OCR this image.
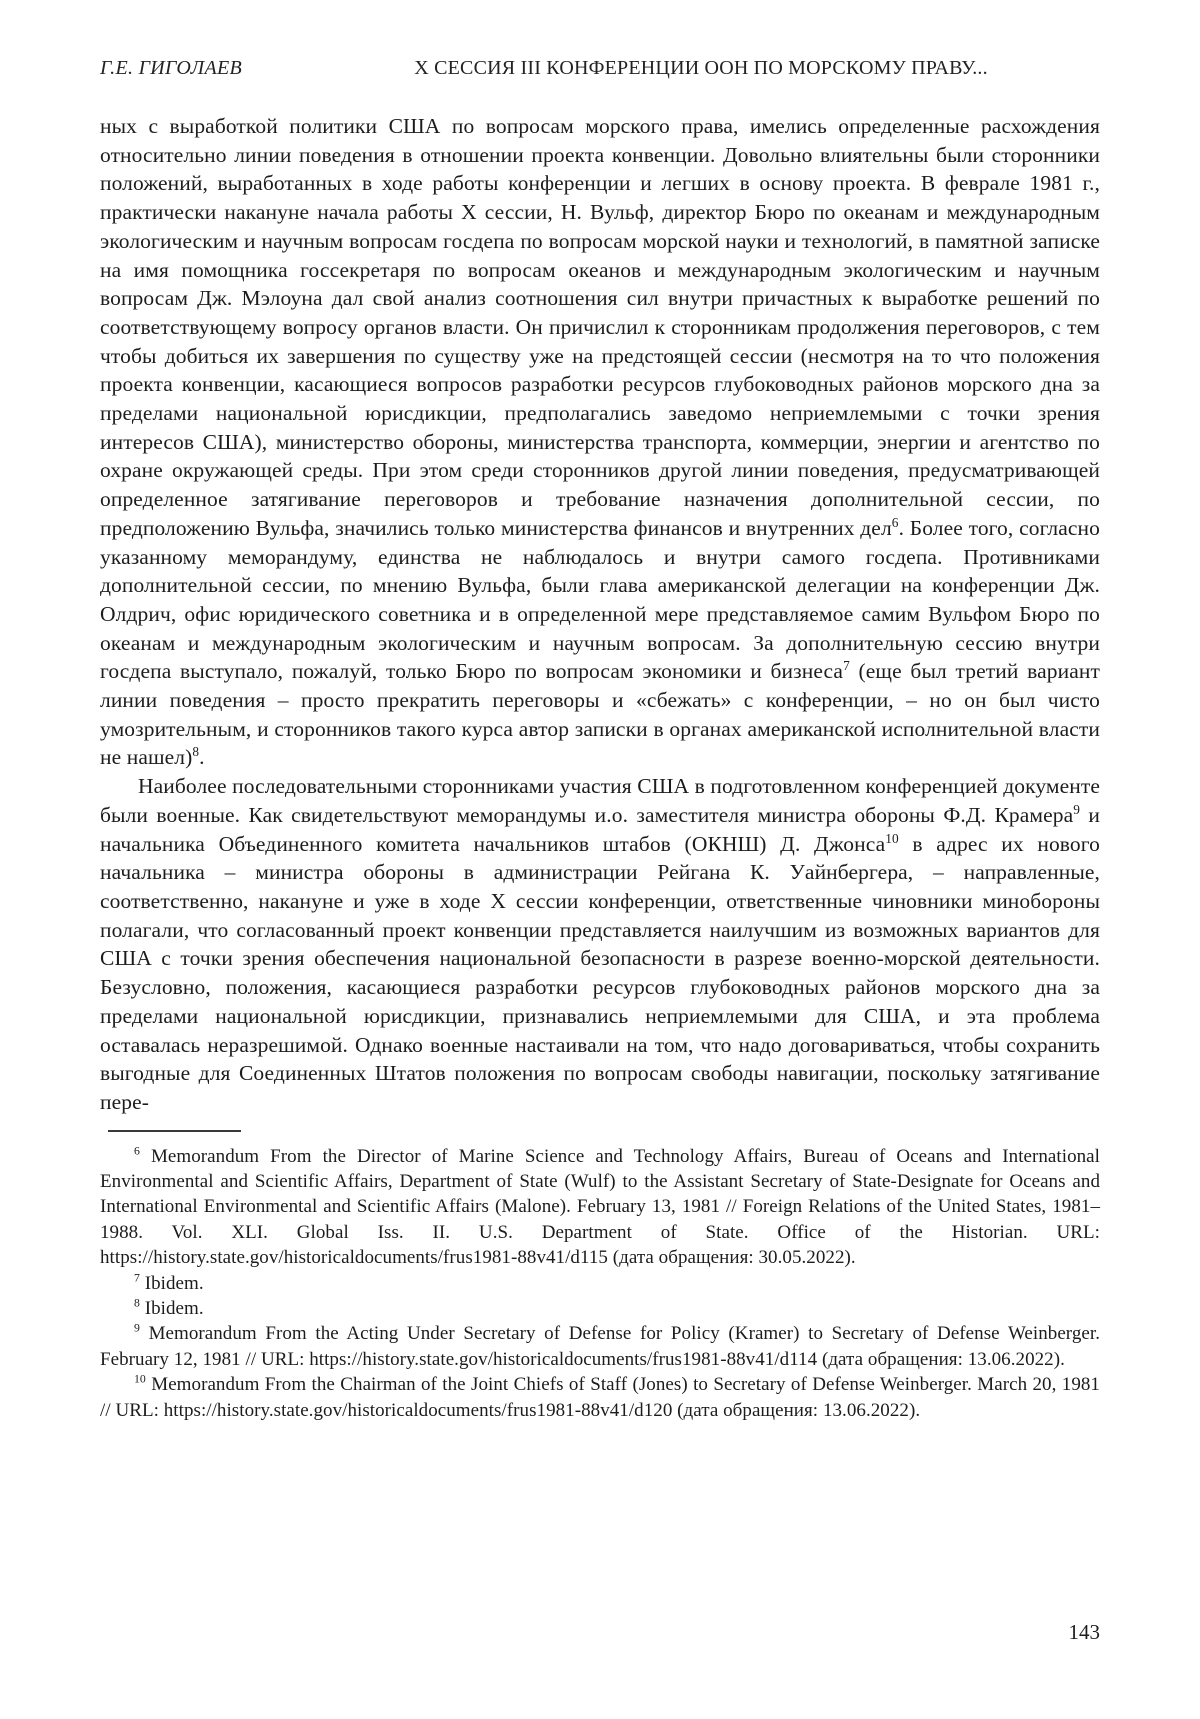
Г.Е. ГИГОЛАЕВ	Х СЕССИЯ III КОНФЕРЕНЦИИ ООН ПО МОРСКОМУ ПРАВУ...

ных с выработкой политики США по вопросам морского права, имелись определенные расхождения относительно линии поведения в отношении проекта конвенции. Довольно влиятельны были сторонники положений, выработанных в ходе работы конференции и легших в основу проекта. В феврале 1981 г., практически накануне начала работы Х сессии, Н. Вульф, директор Бюро по океанам и международным экологическим и научным вопросам госдепа по вопросам морской науки и технологий, в памятной записке на имя помощника госсекретаря по вопросам океанов и международным экологическим и научным вопросам Дж. Мэлоуна дал свой анализ соотношения сил внутри причастных к выработке решений по соответствующему вопросу органов власти. Он причислил к сторонникам продолжения переговоров, с тем чтобы добиться их завершения по существу уже на предстоящей сессии (несмотря на то что положения проекта конвенции, касающиеся вопросов разработки ресурсов глубоководных районов морского дна за пределами национальной юрисдикции, предполагались заведомо неприемлемыми с точки зрения интересов США), министерство обороны, министерства транспорта, коммерции, энергии и агентство по охране окружающей среды. При этом среди сторонников другой линии поведения, предусматривающей определенное затягивание переговоров и требование назначения дополнительной сессии, по предположению Вульфа, значились только министерства финансов и внутренних дел$^6$. Более того, согласно указанному меморандуму, единства не наблюдалось и внутри самого госдепа. Противниками дополнительной сессии, по мнению Вульфа, были глава американской делегации на конференции Дж. Олдрич, офис юридического советника и в определенной мере представляемое самим Вульфом Бюро по океанам и международным экологическим и научным вопросам. За дополнительную сессию внутри госдепа выступало, пожалуй, только Бюро по вопросам экономики и бизнеса$^7$ (еще был третий вариант линии поведения – просто прекратить переговоры и «сбежать» с конференции, – но он был чисто умозрительным, и сторонников такого курса автор записки в органах американской исполнительной власти не нашел)$^8$.

Наиболее последовательными сторонниками участия США в подготовленном конференцией документе были военные. Как свидетельствуют меморандумы и.о. заместителя министра обороны Ф.Д. Крамера$^9$ и начальника Объединенного комитета начальников штабов (ОКНШ) Д. Джонса$^{10}$ в адрес их нового начальника – министра обороны в администрации Рейгана К. Уайнбергера, – направленные, соответственно, накануне и уже в ходе Х сессии конференции, ответственные чиновники минобороны полагали, что согласованный проект конвенции представляется наилучшим из возможных вариантов для США с точки зрения обеспечения национальной безопасности в разрезе военно-морской деятельности. Безусловно, положения, касающиеся разработки ресурсов глубоководных районов морского дна за пределами национальной юрисдикции, признавались неприемлемыми для США, и эта проблема оставалась неразрешимой. Однако военные настаивали на том, что надо договариваться, чтобы сохранить выгодные для Соединенных Штатов положения по вопросам свободы навигации, поскольку затягивание пере-

$^6$ Memorandum From the Director of Marine Science and Technology Affairs, Bureau of Oceans and International Environmental and Scientific Affairs, Department of State (Wulf) to the Assistant Secretary of State-Designate for Oceans and International Environmental and Scientific Affairs (Malone). February 13, 1981 // Foreign Relations of the United States, 1981–1988. Vol. XLI. Global Iss. II. U.S. Department of State. Office of the Historian. URL: https://history.state.gov/historicaldocuments/frus1981-88v41/d115 (дата обращения: 30.05.2022).

$^7$ Ibidem.

$^8$ Ibidem.

$^9$ Memorandum From the Acting Under Secretary of Defense for Policy (Kramer) to Secretary of Defense Weinberger. February 12, 1981 // URL: https://history.state.gov/historicaldocuments/frus1981-88v41/d114 (дата обращения: 13.06.2022).

$^{10}$ Memorandum From the Chairman of the Joint Chiefs of Staff (Jones) to Secretary of Defense Weinberger. March 20, 1981 // URL: https://history.state.gov/historicaldocuments/frus1981-88v41/d120 (дата обращения: 13.06.2022).

143
